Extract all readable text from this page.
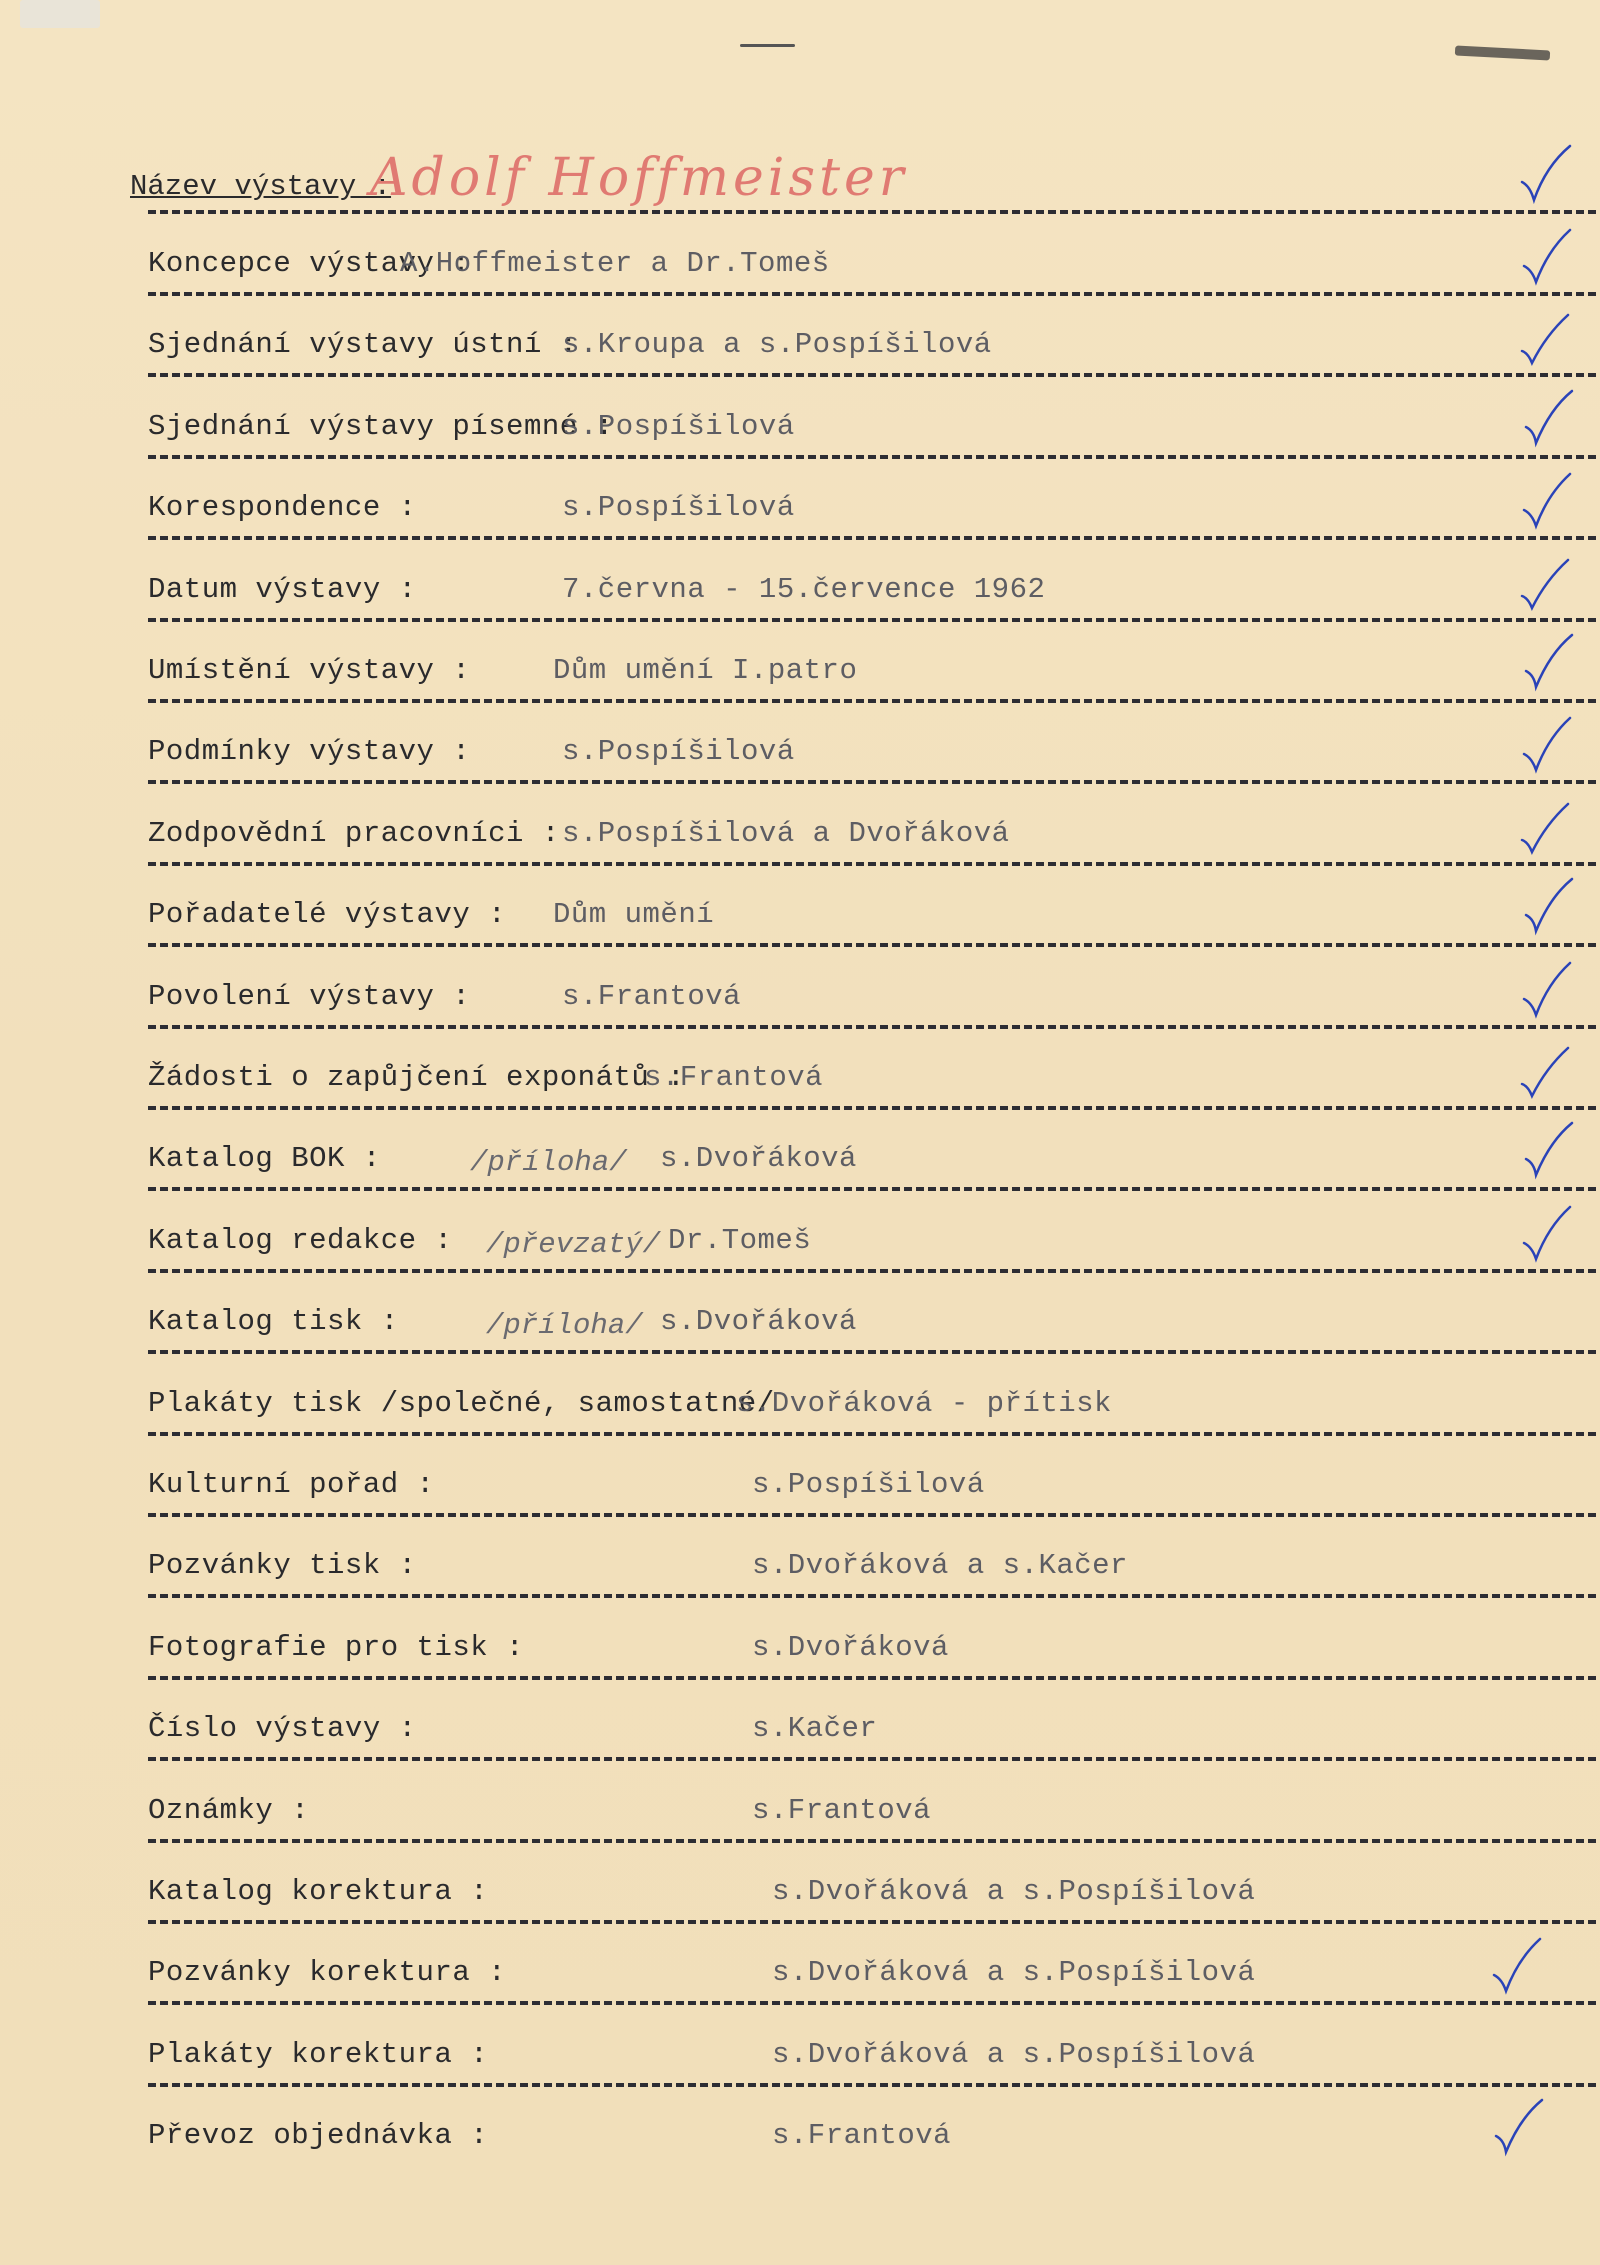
Název výstavy :
Adolf Hoffmeister
Koncepce výstavy :
A.Hoffmeister a Dr.Tomeš
Sjednání výstavy ústní :
s.Kroupa a s.Pospíšilová
Sjednání výstavy písemné :
s.Pospíšilová
Korespondence :	s.Pospíšilová
Datum výstavy :	7.června - 15.července 1962
Umístění výstavy :	Dům umění I.patro
Podmínky výstavy :	s.Pospíšilová
Zodpovědní pracovníci : s.Pospíšilová a Dvořáková
Pořadatelé výstavy : Dům umění
Povolení výstavy :	s.Frantová
Žádosti o zapůjčení exponátů :
s.Frantová
Katalog BOK :	/příloha/ s.Dvořáková
Katalog redakce : /převzatý/ Dr.Tomeš
Katalog tisk :	/příloha/ s.Dvořáková
Plakáty tisk /společné, samostatné/
s.Dvořáková - přítisk
Kulturní pořad :	s.Pospíšilová
Pozvánky tisk :	s.Dvořáková a s.Kačer
Fotografie pro tisk :	s.Dvořáková
Číslo výstavy :	s.Kačer
Oznámky :	s.Frantová
Katalog korektura :	s.Dvořáková a s.Pospíšilová
Pozvánky korektura :	s.Dvořáková a s.Pospíšilová
Plakáty korektura :	s.Dvořáková a s.Pospíšilová
Převoz objednávka :	s.Frantová
